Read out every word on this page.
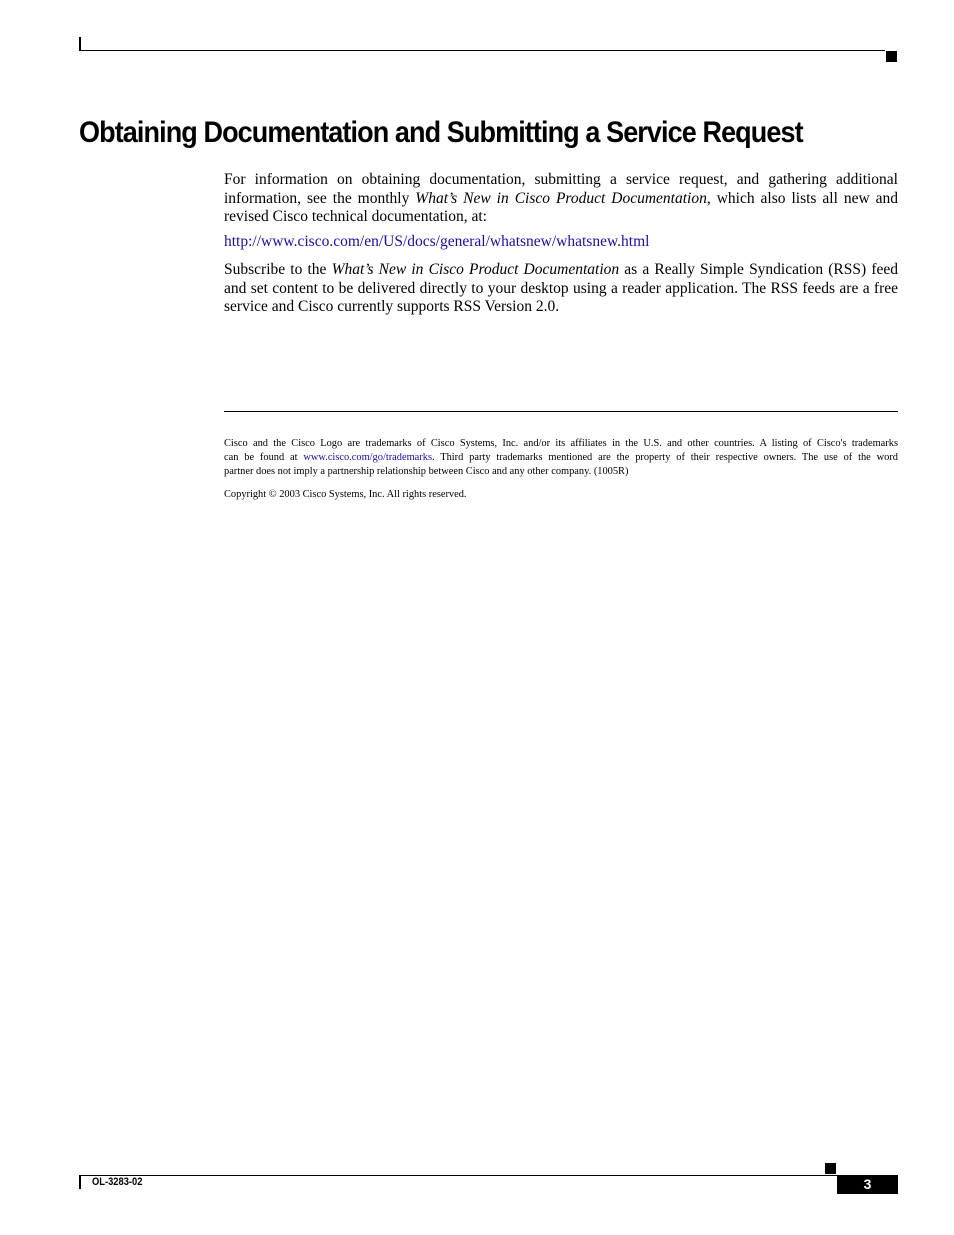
Obtaining Documentation and Submitting a Service Request

For information on obtaining documentation, submitting a service request, and gathering additional
information, see the monthly What’s New in Cisco Product Documentation, which also lists all new and
revised Cisco technical documentation, at:

http://www.cisco.com/en/US/docs/general/whatsnew/whatsnew.html

Subscribe to the What’s New in Cisco Product Documentation as a Really Simple Syndication (RSS) feed
and set content to be delivered directly to your desktop using a reader application. The RSS feeds are a free
service and Cisco currently supports RSS Version 2.0.

Cisco and the Cisco Logo are trademarks of Cisco Systems, Inc. and/or its affiliates in the U.S. and other countries. A listing of Cisco's trademarks
can be found at www.cisco.com/go/trademarks. Third party trademarks mentioned are the property of their respective owners. The use of the word
partner does not imply a partnership relationship between Cisco and any other company. (1005R)

Copyright © 2003 Cisco Systems, Inc. All rights reserved.

OL-3283-02	3
